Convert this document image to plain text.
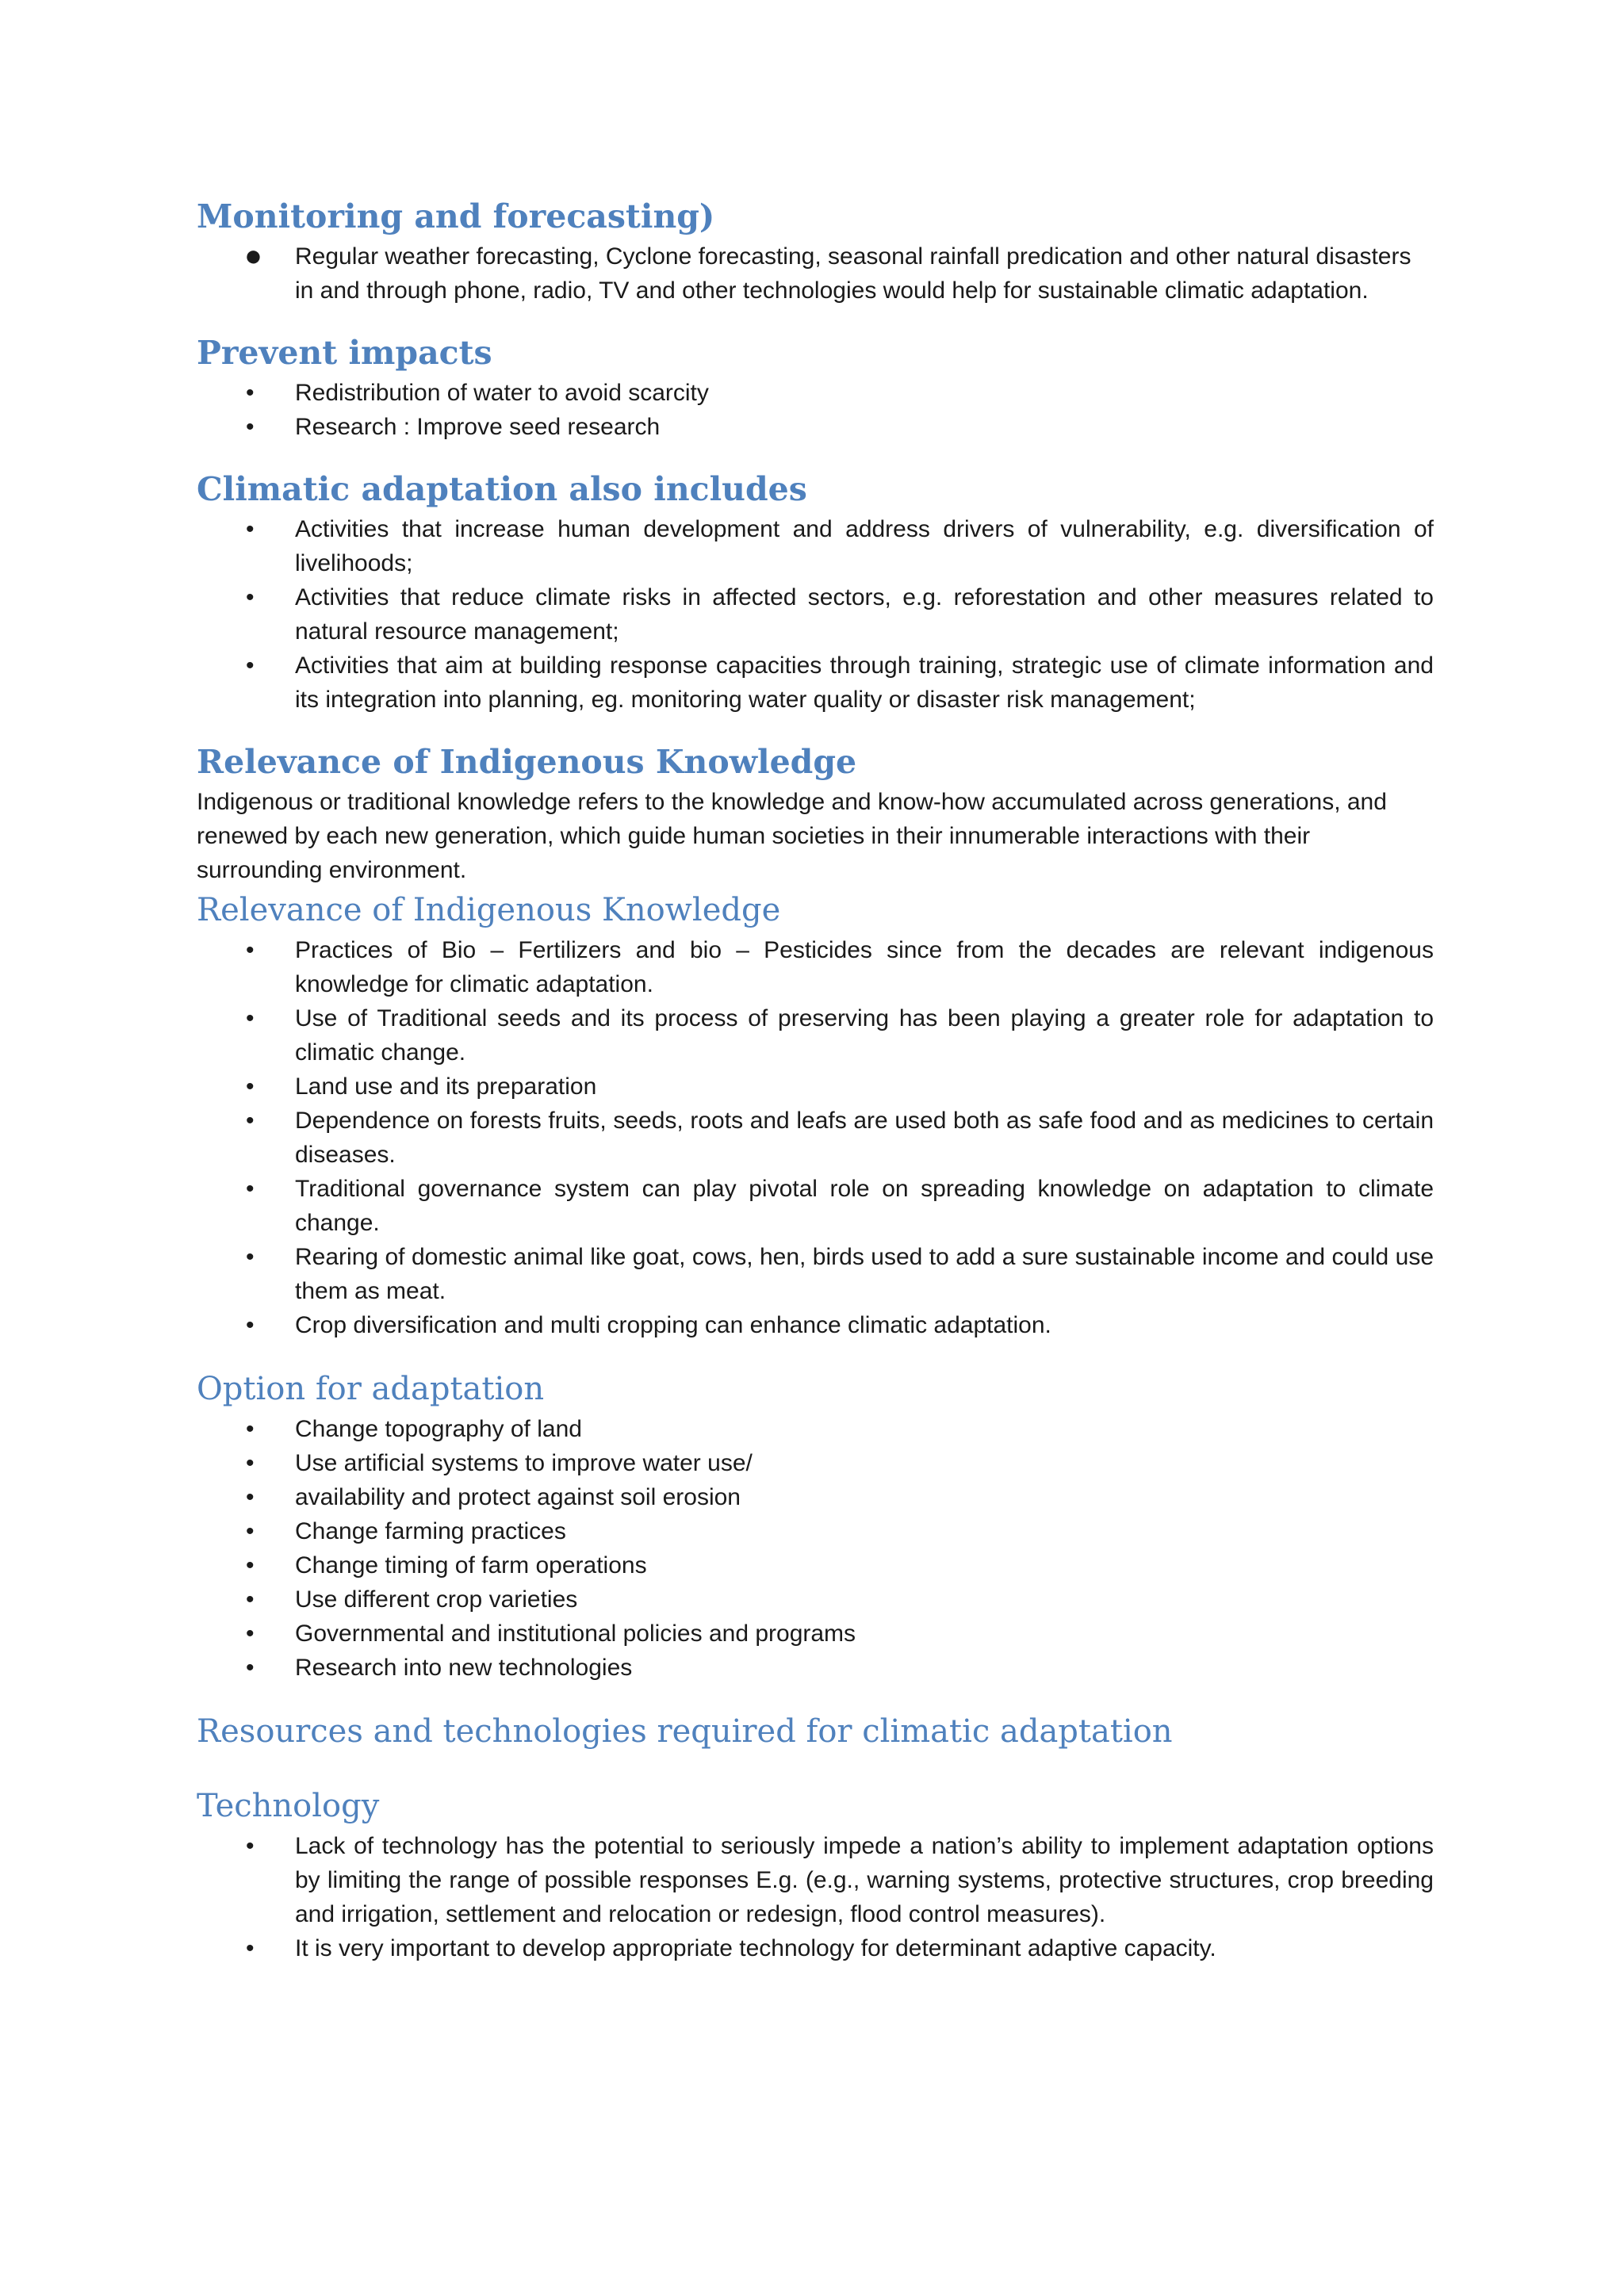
Monitoring and forecasting)
● Regular weather forecasting, Cyclone forecasting, seasonal rainfall predication and other natural disasters in and through phone, radio, TV and other technologies would help for sustainable climatic adaptation.
Prevent impacts
• Redistribution of water to avoid scarcity
• Research : Improve seed research
Climatic adaptation also includes
• Activities that increase human development and address drivers of vulnerability, e.g. diversification of livelihoods;
• Activities that reduce climate risks in affected sectors, e.g. reforestation and other measures related to natural resource management;
• Activities that aim at building response capacities through training, strategic use of climate information and its integration into planning, eg. monitoring water quality or disaster risk management;
Relevance of Indigenous Knowledge

Indigenous or traditional knowledge refers to the knowledge and know-how accumulated across generations, and renewed by each new generation, which guide human societies in their innumerable interactions with their surrounding environment.

Relevance of Indigenous Knowledge
• Practices of Bio – Fertilizers and bio – Pesticides since from the decades are relevant indigenous knowledge for climatic adaptation.
• Use of Traditional seeds and its process of preserving has been playing a greater role for adaptation to climatic change.
• Land use and its preparation
• Dependence on forests fruits, seeds, roots and leafs are used both as safe food and as medicines to certain diseases.
• Traditional governance system can play pivotal role on spreading knowledge on adaptation to climate change.
• Rearing of domestic animal like goat, cows, hen, birds used to add a sure sustainable income and could use them as meat.
• Crop diversification and multi cropping can enhance climatic adaptation.
Option for adaptation
• Change topography of land
• Use artificial systems to improve water use/
• availability and protect against soil erosion
• Change farming practices
• Change timing of farm operations
• Use different crop varieties
• Governmental and institutional policies and programs
• Research into new technologies
Resources and technologies required for climatic adaptation
Technology
• Lack of technology has the potential to seriously impede a nation’s ability to implement adaptation options by limiting the range of possible responses E.g. (e.g., warning systems, protective structures, crop breeding and irrigation, settlement and relocation or redesign, flood control measures).
• It is very important to develop appropriate technology for determinant adaptive capacity.
